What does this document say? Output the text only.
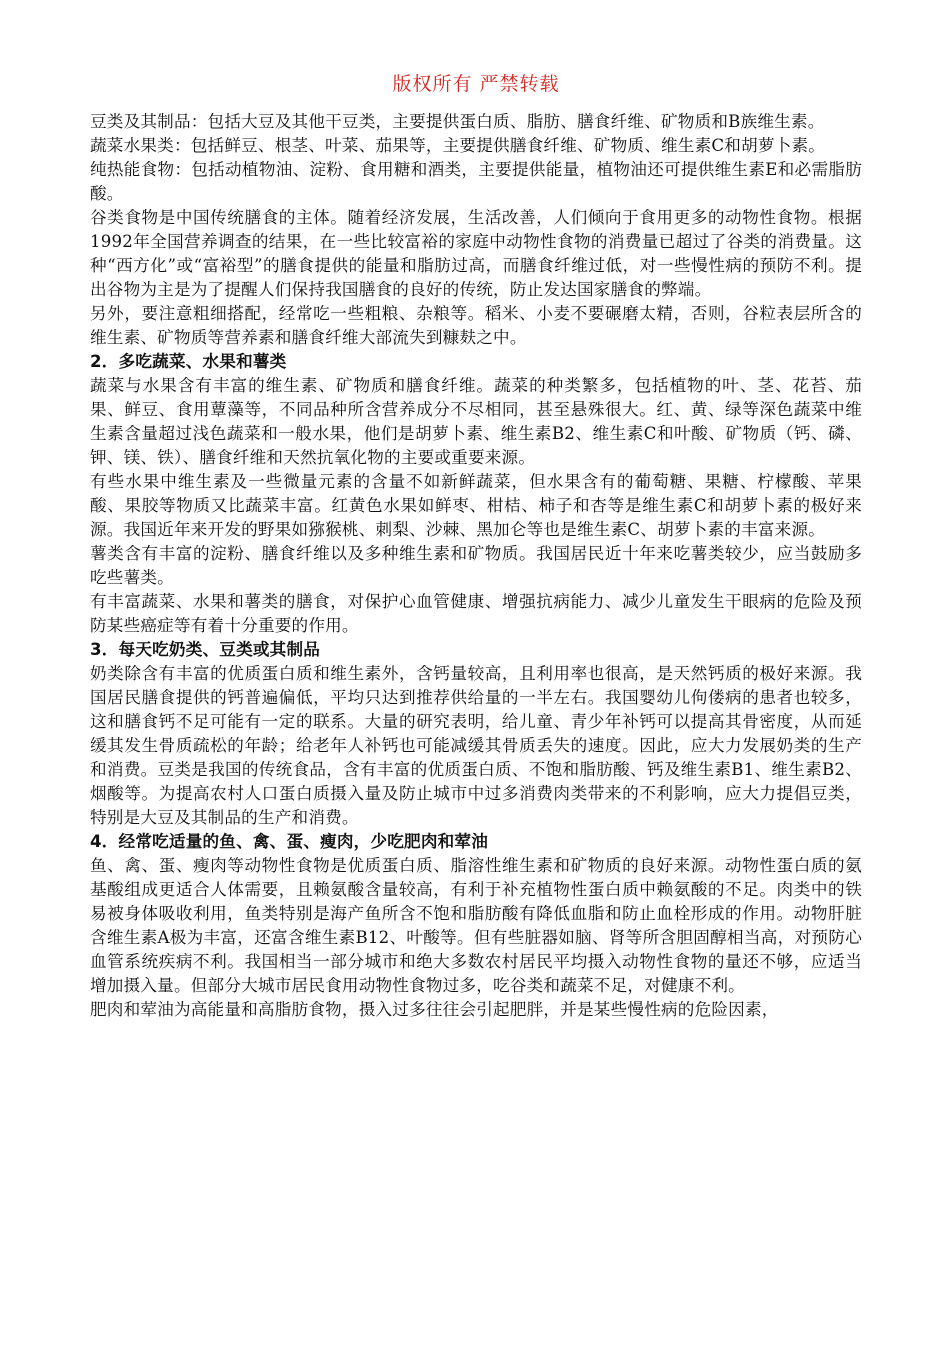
版权所有 严禁转载

豆类及其制品：包括大豆及其他干豆类，主要提供蛋白质、脂肪、膳食纤维、矿物质和B族维生素。

蔬菜水果类：包括鲜豆、根茎、叶菜、茄果等，主要提供膳食纤维、矿物质、维生素C和胡萝卜素。

纯热能食物：包括动植物油、淀粉、食用糖和酒类，主要提供能量，植物油还可提供维生素E和必需脂肪酸。

谷类食物是中国传统膳食的主体。随着经济发展，生活改善，人们倾向于食用更多的动物性食物。根据1992年全国营养调查的结果，在一些比较富裕的家庭中动物性食物的消费量已超过了谷类的消费量。这种“西方化”或“富裕型”的膳食提供的能量和脂肪过高，而膳食纤维过低，对一些慢性病的预防不利。提出谷物为主是为了提醒人们保持我国膳食的良好的传统，防止发达国家膳食的弊端。

另外，要注意粗细搭配，经常吃一些粗粮、杂粮等。稻米、小麦不要碾磨太精，否则，谷粒表层所含的维生素、矿物质等营养素和膳食纤维大部流失到糠麸之中。

2．多吃蔬菜、水果和薯类

蔬菜与水果含有丰富的维生素、矿物质和膳食纤维。蔬菜的种类繁多，包括植物的叶、茎、花苔、茄果、鲜豆、食用蕈藻等，不同品种所含营养成分不尽相同，甚至悬殊很大。红、黄、绿等深色蔬菜中维生素含量超过浅色蔬菜和一般水果，他们是胡萝卜素、维生素B2、维生素C和叶酸、矿物质（钙、磷、钾、镁、铁）、膳食纤维和天然抗氧化物的主要或重要来源。

有些水果中维生素及一些微量元素的含量不如新鲜蔬菜，但水果含有的葡萄糖、果糖、柠檬酸、苹果酸、果胶等物质又比蔬菜丰富。红黄色水果如鲜枣、柑桔、柿子和杏等是维生素C和胡萝卜素的极好来源。我国近年来开发的野果如猕猴桃、刺梨、沙棘、黑加仑等也是维生素C、胡萝卜素的丰富来源。

薯类含有丰富的淀粉、膳食纤维以及多种维生素和矿物质。我国居民近十年来吃薯类较少，应当鼓励多吃些薯类。

有丰富蔬菜、水果和薯类的膳食，对保护心血管健康、增强抗病能力、减少儿童发生干眼病的危险及预防某些癌症等有着十分重要的作用。

3．每天吃奶类、豆类或其制品

奶类除含有丰富的优质蛋白质和维生素外，含钙量较高，且利用率也很高，是天然钙质的极好来源。我国居民膳食提供的钙普遍偏低，平均只达到推荐供给量的一半左右。我国婴幼儿佝偻病的患者也较多，这和膳食钙不足可能有一定的联系。大量的研究表明，给儿童、青少年补钙可以提高其骨密度，从而延缓其发生骨质疏松的年龄；给老年人补钙也可能减缓其骨质丢失的速度。因此，应大力发展奶类的生产和消费。豆类是我国的传统食品，含有丰富的优质蛋白质、不饱和脂肪酸、钙及维生素B1、维生素B2、烟酸等。为提高农村人口蛋白质摄入量及防止城市中过多消费肉类带来的不利影响，应大力提倡豆类，特别是大豆及其制品的生产和消费。

4．经常吃适量的鱼、禽、蛋、瘦肉，少吃肥肉和荤油

鱼、禽、蛋、瘦肉等动物性食物是优质蛋白质、脂溶性维生素和矿物质的良好来源。动物性蛋白质的氨基酸组成更适合人体需要，且赖氨酸含量较高，有利于补充植物性蛋白质中赖氨酸的不足。肉类中的铁易被身体吸收利用，鱼类特别是海产鱼所含不饱和脂肪酸有降低血脂和防止血栓形成的作用。动物肝脏含维生素A极为丰富，还富含维生素B12、叶酸等。但有些脏器如脑、肾等所含胆固醇相当高，对预防心血管系统疾病不利。我国相当一部分城市和绝大多数农村居民平均摄入动物性食物的量还不够，应适当增加摄入量。但部分大城市居民食用动物性食物过多，吃谷类和蔬菜不足，对健康不利。

肥肉和荤油为高能量和高脂肪食物，摄入过多往往会引起肥胖，并是某些慢性病的危险因素，
